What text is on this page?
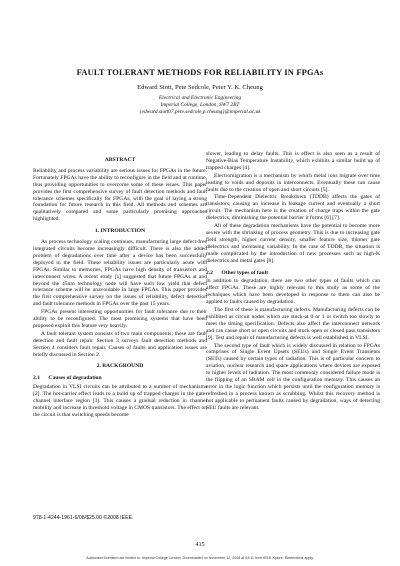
FAULT TOLERANT METHODS FOR RELIABILITY IN FPGAs
Edward Stott, Pete Sedcole, Peter Y. K. Cheung
Electrical and Electronic Engineering
Imperial College, London, SW7 2BT
{edward.stott07,pete.sedcole,p.cheung}@imperial.ac.uk
ABSTRACT

Reliability and process variability are serious issues for FPGAs in the future. Fortunately FPGAs have the ability to reconfigure in the field and at runtime, thus providing opportunities to overcome some of these issues. This paper provides the first comprehensive survey of fault detection methods and fault tolerance schemes specifically for FPGAs, with the goal of laying a strong foundation for future research in this field. All methods and schemes are qualitatively compared and some particularly promising approaches highlighted.

1. INTRODUCTION

As process technology scaling continues, manufacturing large defect-free integrated circuits become increasingly difficult. There is also the added problem of degradations over time after a device has been successfully deployed in the field. These reliability issues are particularly acute with FPGAs. Similar to memories, FPGAs have high density of transistors and interconnect wires. A recent study [1] suggested that future FPGAs at and beyond the 45nm technology node will have such low yield that defect tolerance scheme will be unavoidable in large FPGAs. This paper provides the first comprehensive survey on the issues of reliability, defect detection and fault tolerance methods in FPGAs over the past 15 years.

FPGAs present interesting opportunities for fault tolerance due to their ability to be reconfigured. The most promising systems that have been proposed exploit this feature very heavily.

A fault tolerant system consists of two main components; these are fault detection and fault repair. Section 3 surveys fault detection methods and Section 4 considers fault repair. Causes of faults and application issues are briefly discussed in Section 2.

2. BACKGROUND
2.1 Causes of degradation

Degradation in VLSI circuits can be attributed to a number of mechanisms [2]. The hot-carrier effect leads to a build up of trapped charges in the gate-channel interface region [3]. This causes a gradual reduction in channel mobility and increase in threshold voltage in CMOS transistors. The effect on the circuit is that switching speeds become

slower, leading to delay faults. This is effect is also seen as a result of Negative-Bias Temperature Instability, which exhibits a similar build up of trapped charges [4].

Electromigration is a mechanism by which metal ions migrate over time leading to voids and deposits in interconnects. Eventually these can cause faults due to the creation of open and short circuits [5].

Time-Dependent Dielectric Breakdown (TDDB) affects the gates of transistors, causing an increase in leakage current and eventually a short circuit. The mechanism here is the creation of charge traps within the gate dielectrics, diminishing the potential barrier it forms [6] [7].

All of these degradation mechanisms have the potential to become more severe with the shrinking of process geometry. This is due to increasing gate field strength, higher current density, smaller feature size, thinner gate dielectrics and increasing variability. In the case of TDDB, the situation is made complicated by the introduction of new processes such as high-K dielectrics and metal gates [8].

2.2 Other types of fault

In addition to degradation, there are two other types of faults which can affect FPGAs. These are highly relevant to this study as some of the techniques which have been developed in response to them can also be applied to faults caused by degradation.

The first of these is manufacturing defects. Manufacturing defects can be exhibited as circuit nodes which are stuck-at 0 or 1 or switch too slowly to meet the timing specification. Defects also affect the interconnect network and can cause short or open circuits and stuck open or closed pass transistors [9]. Test and repair of manufacturing defects is well established in VLSI.

The second type of fault which is widely discussed in relation to FPGAs comprises of Single Event Upsets (SEUs) and Single Event Transients (SETs) caused by certain types of radiation. This is of particular concern to aviation, nuclear research and space applications where devices are exposed to higher levels of radiation. The most commonly considered failure mode is the flipping of an SRAM cell in the configuration memory. This causes an error in the logic function which persists until the configuration memory is refreshed in a process known as scrubbing. Whilst this recovery method is not applicable to permanent faults caused by degradation, ways of detecting SEU faults are relevant.

978-1-4244-1961-6/08/$25.00 ©2008 IEEE.
415
Authorized licensed use limited to: Imperial College London. Downloaded on November 12, 2008 at 04:11 from IEEE Xplore. Restrictions apply.
